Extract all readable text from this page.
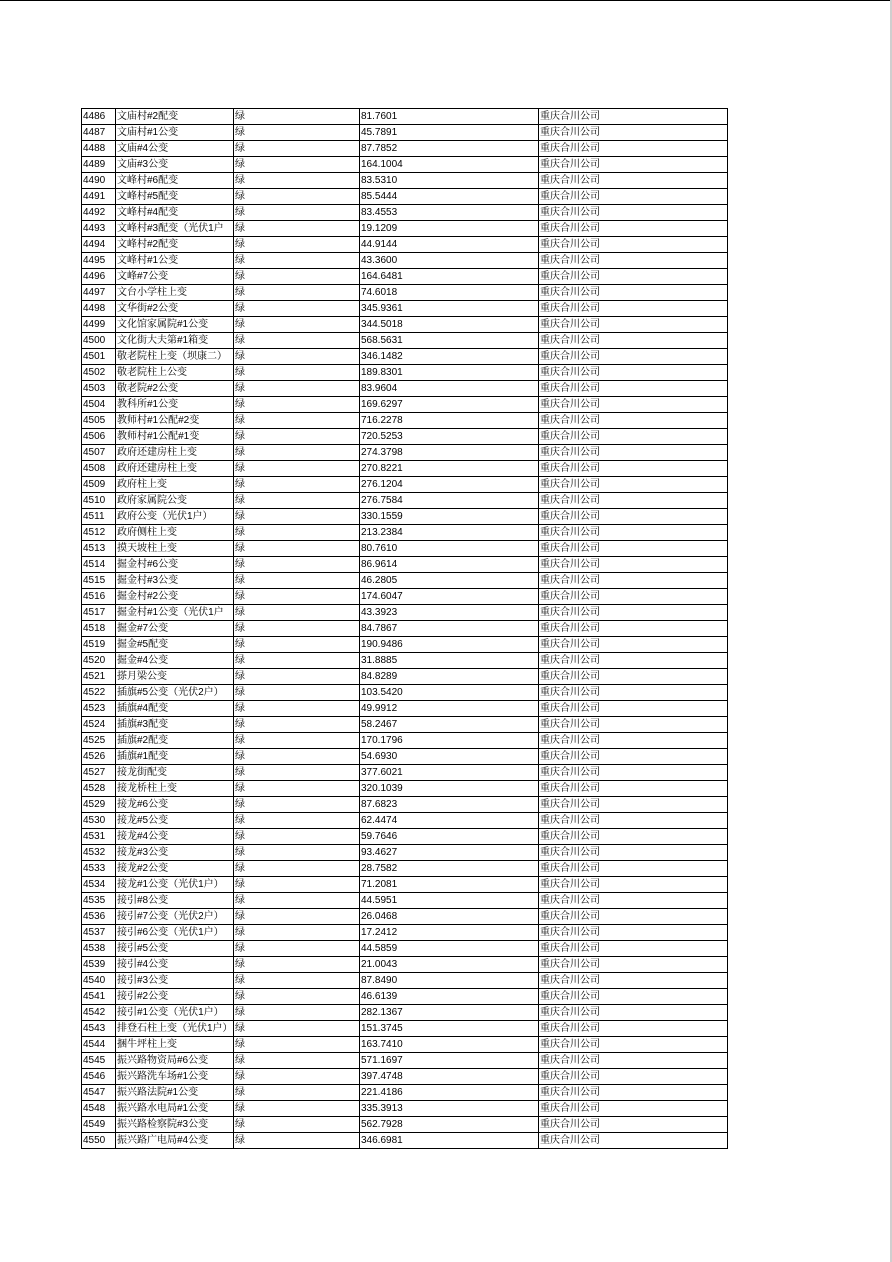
4486	文庙村#2配变	绿	81.7601	重庆合川公司
4487	文庙村#1公变	绿	45.7891	重庆合川公司
4488	文庙#4公变	绿	87.7852	重庆合川公司
4489	文庙#3公变	绿	164.1004	重庆合川公司
4490	文峰村#6配变	绿	83.5310	重庆合川公司
4491	文峰村#5配变	绿	85.5444	重庆合川公司
4492	文峰村#4配变	绿	83.4553	重庆合川公司
4493	文峰村#3配变（光伏1户	绿	19.1209	重庆合川公司
4494	文峰村#2配变	绿	44.9144	重庆合川公司
4495	文峰村#1公变	绿	43.3600	重庆合川公司
4496	文峰#7公变	绿	164.6481	重庆合川公司
4497	文台小学柱上变	绿	74.6018	重庆合川公司
4498	文华街#2公变	绿	345.9361	重庆合川公司
4499	文化馆家属院#1公变	绿	344.5018	重庆合川公司
4500	文化街大夫第#1箱变	绿	568.5631	重庆合川公司
4501	敬老院柱上变（坝康二）	绿	346.1482	重庆合川公司
4502	敬老院柱上公变	绿	189.8301	重庆合川公司
4503	敬老院#2公变	绿	83.9604	重庆合川公司
4504	教科所#1公变	绿	169.6297	重庆合川公司
4505	教师村#1公配#2变	绿	716.2278	重庆合川公司
4506	教师村#1公配#1变	绿	720.5253	重庆合川公司
4507	政府还建房柱上变	绿	274.3798	重庆合川公司
4508	政府还建房柱上变	绿	270.8221	重庆合川公司
4509	政府柱上变	绿	276.1204	重庆合川公司
4510	政府家属院公变	绿	276.7584	重庆合川公司
4511	政府公变（光伏1户）	绿	330.1559	重庆合川公司
4512	政府侧柱上变	绿	213.2384	重庆合川公司
4513	摸天坡柱上变	绿	80.7610	重庆合川公司
4514	掘金村#6公变	绿	86.9614	重庆合川公司
4515	掘金村#3公变	绿	46.2805	重庆合川公司
4516	掘金村#2公变	绿	174.6047	重庆合川公司
4517	掘金村#1公变（光伏1户	绿	43.3923	重庆合川公司
4518	掘金#7公变	绿	84.7867	重庆合川公司
4519	掘金#5配变	绿	190.9486	重庆合川公司
4520	掘金#4公变	绿	31.8885	重庆合川公司
4521	搽月梁公变	绿	84.8289	重庆合川公司
4522	插旗#5公变（光伏2户）	绿	103.5420	重庆合川公司
4523	插旗#4配变	绿	49.9912	重庆合川公司
4524	插旗#3配变	绿	58.2467	重庆合川公司
4525	插旗#2配变	绿	170.1796	重庆合川公司
4526	插旗#1配变	绿	54.6930	重庆合川公司
4527	接龙街配变	绿	377.6021	重庆合川公司
4528	接龙桥柱上变	绿	320.1039	重庆合川公司
4529	接龙#6公变	绿	87.6823	重庆合川公司
4530	接龙#5公变	绿	62.4474	重庆合川公司
4531	接龙#4公变	绿	59.7646	重庆合川公司
4532	接龙#3公变	绿	93.4627	重庆合川公司
4533	接龙#2公变	绿	28.7582	重庆合川公司
4534	接龙#1公变（光伏1户）	绿	71.2081	重庆合川公司
4535	接引#8公变	绿	44.5951	重庆合川公司
4536	接引#7公变（光伏2户）	绿	26.0468	重庆合川公司
4537	接引#6公变（光伏1户）	绿	17.2412	重庆合川公司
4538	接引#5公变	绿	44.5859	重庆合川公司
4539	接引#4公变	绿	21.0043	重庆合川公司
4540	接引#3公变	绿	87.8490	重庆合川公司
4541	接引#2公变	绿	46.6139	重庆合川公司
4542	接引#1公变（光伏1户）	绿	282.1367	重庆合川公司
4543	排登石柱上变（光伏1户）	绿	151.3745	重庆合川公司
4544	捆牛坪柱上变	绿	163.7410	重庆合川公司
4545	振兴路物资局#6公变	绿	571.1697	重庆合川公司
4546	振兴路洗车场#1公变	绿	397.4748	重庆合川公司
4547	振兴路法院#1公变	绿	221.4186	重庆合川公司
4548	振兴路水电局#1公变	绿	335.3913	重庆合川公司
4549	振兴路检察院#3公变	绿	562.7928	重庆合川公司
4550	振兴路广电局#4公变	绿	346.6981	重庆合川公司
